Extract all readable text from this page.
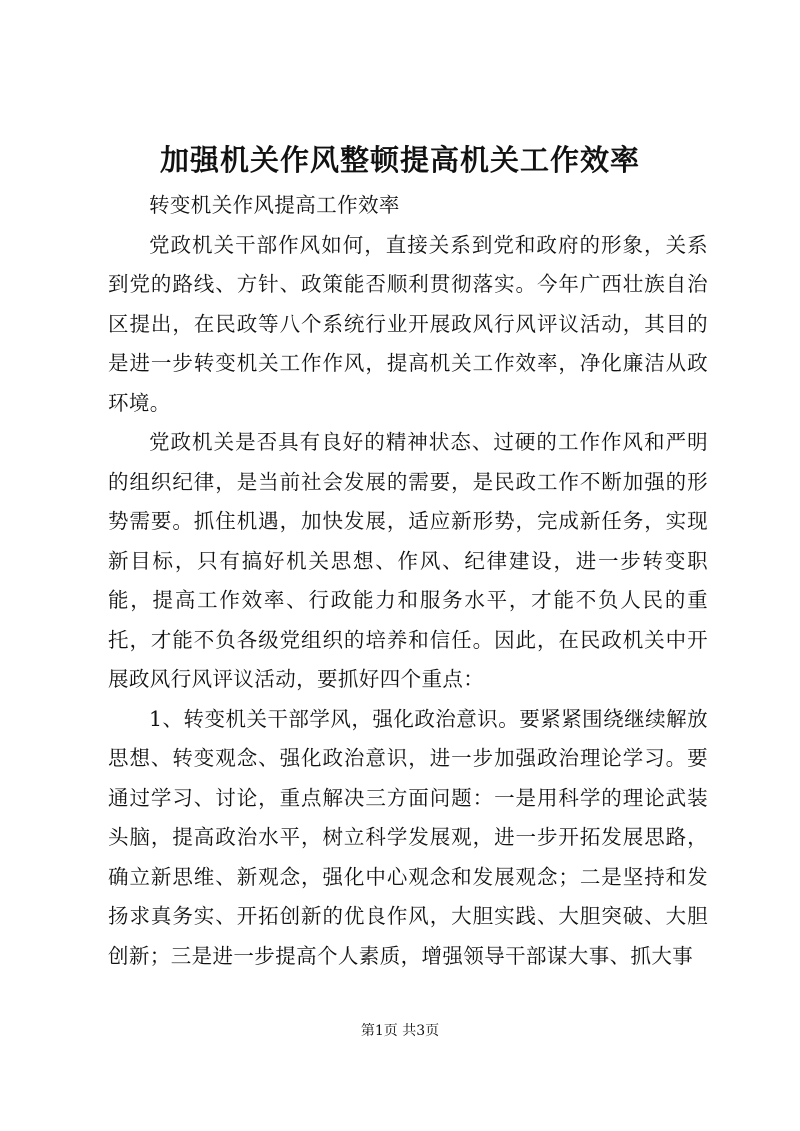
加强机关作风整顿提高机关工作效率

转变机关作风提高工作效率

党政机关干部作风如何，直接关系到党和政府的形象，关系到党的路线、方针、政策能否顺利贯彻落实。今年广西壮族自治区提出，在民政等八个系统行业开展政风行风评议活动，其目的是进一步转变机关工作作风，提高机关工作效率，净化廉洁从政环境。

党政机关是否具有良好的精神状态、过硬的工作作风和严明的组织纪律，是当前社会发展的需要，是民政工作不断加强的形势需要。抓住机遇，加快发展，适应新形势，完成新任务，实现新目标，只有搞好机关思想、作风、纪律建设，进一步转变职能，提高工作效率、行政能力和服务水平，才能不负人民的重托，才能不负各级党组织的培养和信任。因此，在民政机关中开展政风行风评议活动，要抓好四个重点：

1、转变机关干部学风，强化政治意识。要紧紧围绕继续解放思想、转变观念、强化政治意识，进一步加强政治理论学习。要通过学习、讨论，重点解决三方面问题：一是用科学的理论武装头脑，提高政治水平，树立科学发展观，进一步开拓发展思路，确立新思维、新观念，强化中心观念和发展观念；二是坚持和发扬求真务实、开拓创新的优良作风，大胆实践、大胆突破、大胆创新；三是进一步提高个人素质，增强领导干部谋大事、抓大事

第1页 共3页
